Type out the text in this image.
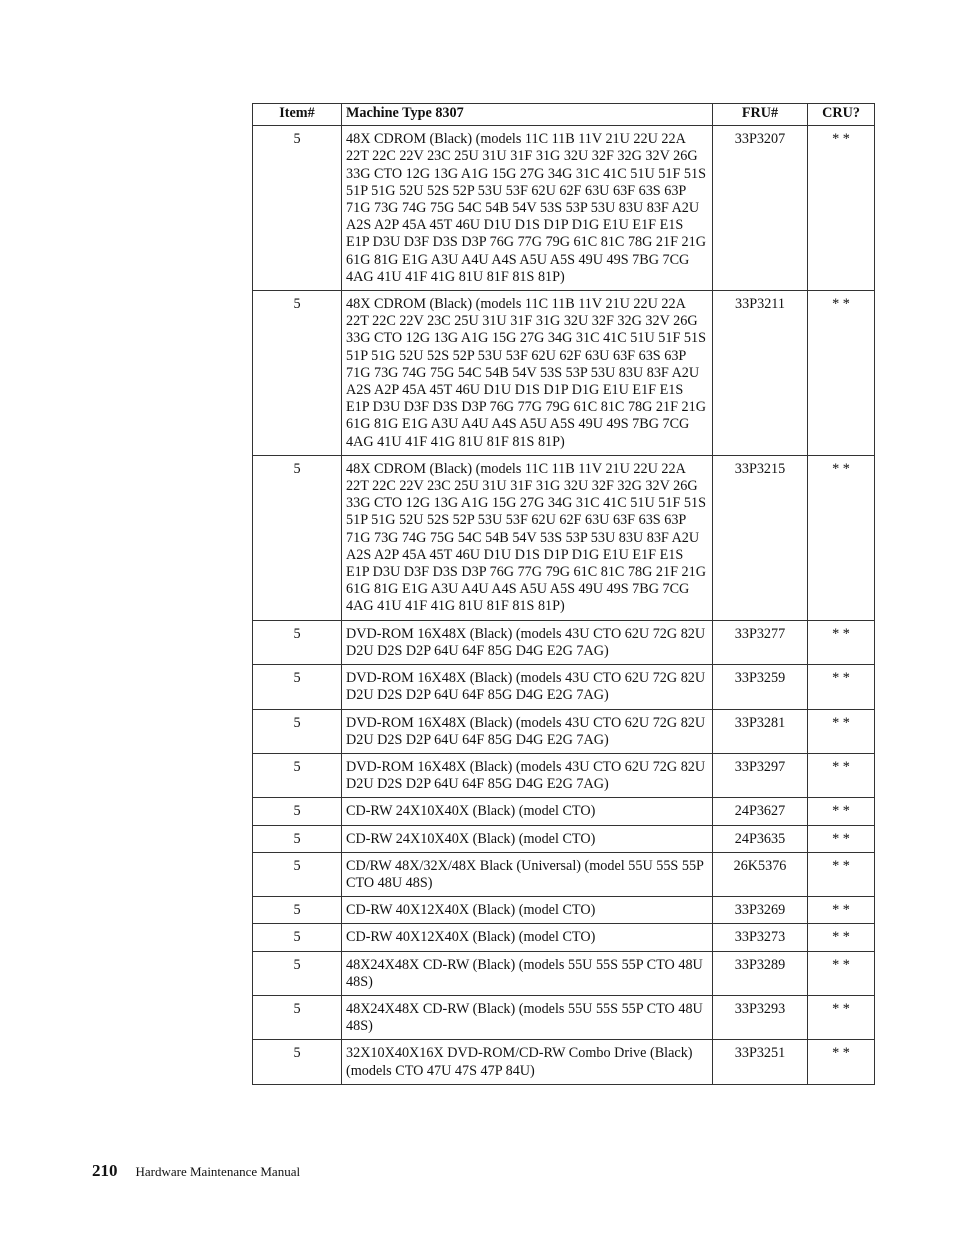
Item#	Machine Type 8307	FRU#	CRU?
5	48X CDROM (Black) (models 11C 11B 11V 21U 22U 22A 22T 22C 22V 23C 25U 31U 31F 31G 32U 32F 32G 32V 26G 33G CTO 12G 13G A1G 15G 27G 34G 31C 41C 51U 51F 51S 51P 51G 52U 52S 52P 53U 53F 62U 62F 63U 63F 63S 63P 71G 73G 74G 75G 54C 54B 54V 53S 53P 53U 83U 83F A2U A2S A2P 45A 45T 46U D1U D1S D1P D1G E1U E1F E1S E1P D3U D3F D3S D3P 76G 77G 79G 61C 81C 78G 21F 21G 61G 81G E1G A3U A4U A4S A5U A5S 49U 49S 7BG 7CG 4AG 41U 41F 41G 81U 81F 81S 81P)	33P3207	* *
5	48X CDROM (Black) (models 11C 11B 11V 21U 22U 22A 22T 22C 22V 23C 25U 31U 31F 31G 32U 32F 32G 32V 26G 33G CTO 12G 13G A1G 15G 27G 34G 31C 41C 51U 51F 51S 51P 51G 52U 52S 52P 53U 53F 62U 62F 63U 63F 63S 63P 71G 73G 74G 75G 54C 54B 54V 53S 53P 53U 83U 83F A2U A2S A2P 45A 45T 46U D1U D1S D1P D1G E1U E1F E1S E1P D3U D3F D3S D3P 76G 77G 79G 61C 81C 78G 21F 21G 61G 81G E1G A3U A4U A4S A5U A5S 49U 49S 7BG 7CG 4AG 41U 41F 41G 81U 81F 81S 81P)	33P3211	* *
5	48X CDROM (Black) (models 11C 11B 11V 21U 22U 22A 22T 22C 22V 23C 25U 31U 31F 31G 32U 32F 32G 32V 26G 33G CTO 12G 13G A1G 15G 27G 34G 31C 41C 51U 51F 51S 51P 51G 52U 52S 52P 53U 53F 62U 62F 63U 63F 63S 63P 71G 73G 74G 75G 54C 54B 54V 53S 53P 53U 83U 83F A2U A2S A2P 45A 45T 46U D1U D1S D1P D1G E1U E1F E1S E1P D3U D3F D3S D3P 76G 77G 79G 61C 81C 78G 21F 21G 61G 81G E1G A3U A4U A4S A5U A5S 49U 49S 7BG 7CG 4AG 41U 41F 41G 81U 81F 81S 81P)	33P3215	* *
5	DVD-ROM 16X48X (Black) (models 43U CTO 62U 72G 82U D2U D2S D2P 64U 64F 85G D4G E2G 7AG)	33P3277	* *
5	DVD-ROM 16X48X (Black) (models 43U CTO 62U 72G 82U D2U D2S D2P 64U 64F 85G D4G E2G 7AG)	33P3259	* *
5	DVD-ROM 16X48X (Black) (models 43U CTO 62U 72G 82U D2U D2S D2P 64U 64F 85G D4G E2G 7AG)	33P3281	* *
5	DVD-ROM 16X48X (Black) (models 43U CTO 62U 72G 82U D2U D2S D2P 64U 64F 85G D4G E2G 7AG)	33P3297	* *
5	CD-RW 24X10X40X (Black) (model CTO)	24P3627	* *
5	CD-RW 24X10X40X (Black) (model CTO)	24P3635	* *
5	CD/RW 48X/32X/48X Black (Universal) (model 55U 55S 55P CTO 48U 48S)	26K5376	* *
5	CD-RW 40X12X40X (Black) (model CTO)	33P3269	* *
5	CD-RW 40X12X40X (Black) (model CTO)	33P3273	* *
5	48X24X48X CD-RW (Black) (models 55U 55S 55P CTO 48U 48S)	33P3289	* *
5	48X24X48X CD-RW (Black) (models 55U 55S 55P CTO 48U 48S)	33P3293	* *
5	32X10X40X16X DVD-ROM/CD-RW Combo Drive (Black) (models CTO 47U 47S 47P 84U)	33P3251	* *
210 Hardware Maintenance Manual
